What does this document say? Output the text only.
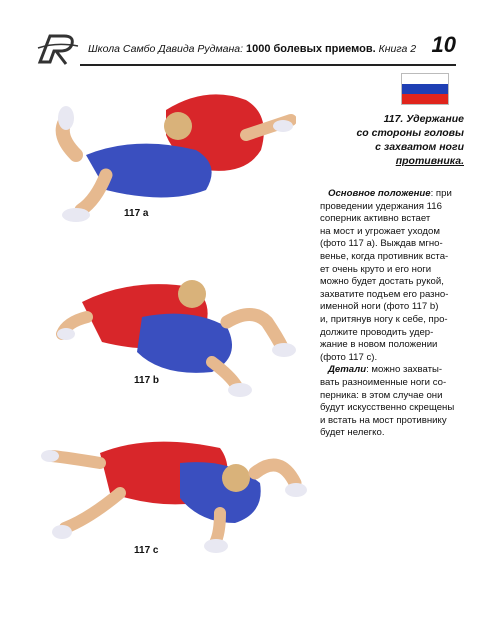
Школа Самбо Давида Рудмана: 1000 болевых приемов. Книга 2 10
117. Удержание
со стороны головы
с захватом ноги
противника.

Основное положение: при

проведении удержания 116

соперник активно встает

на мост и угрожает уходом

(фото 117 a). Выждав мгно-

венье, когда противник вста-

ет очень круто и его ноги

можно будет достать рукой,

захватите подъем его разно-

именной ноги (фото 117 b)

и, притянув ногу к себе, про-

должите проводить удер-

жание в новом положении

(фото 117 c).

Детали: можно захваты-

вать разноименные ноги со-

перника: в этом случае они

будут искусственно скрещены

и встать на мост противнику

будет нелегко.

117 a
117 b
117 c
